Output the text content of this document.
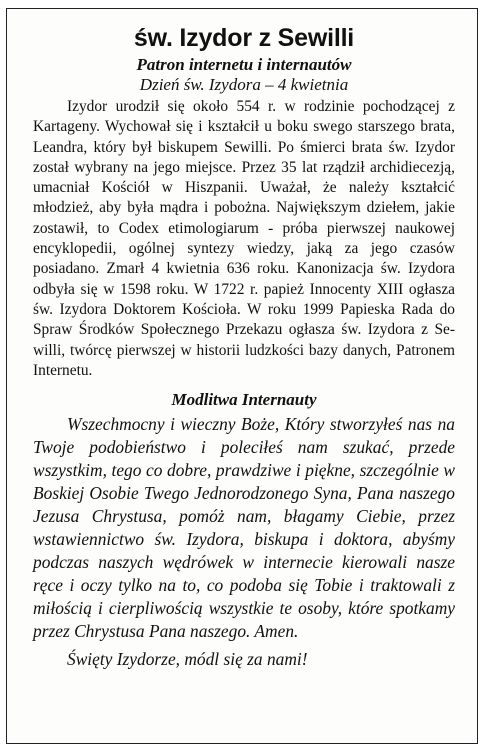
św. Izydor z Sewilli

Patron internetu i internautów

Dzień św. Izydora – 4 kwietnia

Izydor urodził się około 554 r. w rodzinie pochodzącej z Kartageny. Wychował się i kształcił u boku swego starszego brata, Leandra, który był biskupem Sewilli. Po śmierci brata św. Izydor został wybrany na jego miejsce. Przez 35 lat rządził archidiecezją, umacniał Kościół w Hiszpanii. Uważał, że należy kształcić młodzież, aby była mądra i pobożna. Największym dziełem, jakie zostawił, to Codex etimologiarum - próba pierwszej naukowej encyklopedii, ogólnej syntezy wiedzy, jaką za jego czasów posiadano. Zmarł 4 kwietnia 636 roku. Kanonizacja św. Izydora odbyła się w 1598 roku. W 1722 r. papież Innocenty XIII ogłasza św. Izydora Doktorem Kościoła. W roku 1999 Papieska Rada do Spraw Środków Społecznego Przekazu ogłasza św. Izydora z Sewilli, twórcę pierwszej w historii ludzkości bazy danych, Patronem Internetu.

Modlitwa Internauty

Wszechmocny i wieczny Boże, Który stworzyłeś nas na Twoje podobieństwo i poleciłeś nam szukać, przede wszystkim, tego co dobre, prawdziwe i piękne, szczególnie w Boskiej Osobie Twego Jednorodzonego Syna, Pana naszego Jezusa Chrystusa, pomóż nam, błagamy Ciebie, przez wstawiennictwo św. Izydora, biskupa i doktora, abyśmy podczas naszych wędrówek w internecie kierowali nasze ręce i oczy tylko na to, co podoba się Tobie i traktowali z miłością i cierpliwością wszystkie te osoby, które spotkamy przez Chrystusa Pana naszego. Amen.

Święty Izydorze, módl się za nami!
